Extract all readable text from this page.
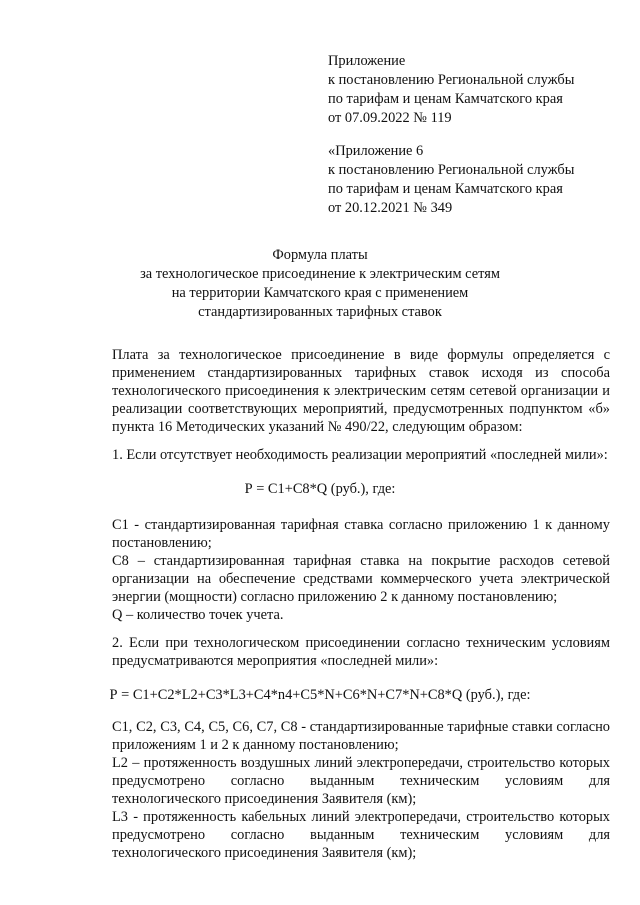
Приложение
к постановлению Региональной службы
по тарифам и ценам Камчатского края
от 07.09.2022 № 119
«Приложение 6
к постановлению Региональной службы
по тарифам и ценам Камчатского края
от 20.12.2021 № 349
Формула платы
за технологическое присоединение к электрическим сетям
на территории Камчатского края с применением
стандартизированных тарифных ставок

Плата за технологическое присоединение в виде формулы определяется с применением стандартизированных тарифных ставок исходя из способа технологического присоединения к электрическим сетям сетевой организации и реализации соответствующих мероприятий, предусмотренных подпунктом «б» пункта 16 Методических указаний № 490/22, следующим образом:

1. Если отсутствует необходимость реализации мероприятий «последней мили»:

Р = С1+С8*Q (руб.), где:

С1 - стандартизированная тарифная ставка согласно приложению 1 к данному постановлению;

С8 – стандартизированная тарифная ставка на покрытие расходов сетевой организации на обеспечение средствами коммерческого учета электрической энергии (мощности) согласно приложению 2 к данному постановлению;

Q – количество точек учета.

2. Если при технологическом присоединении согласно техническим условиям предусматриваются мероприятия «последней мили»:

Р = С1+С2*L2+С3*L3+С4*n4+С5*N+С6*N+С7*N+С8*Q (руб.), где:

С1, С2, С3, С4, С5, С6, С7, С8 - стандартизированные тарифные ставки согласно приложениям 1 и 2 к данному постановлению;

L2 – протяженность воздушных линий электропередачи, строительство которых предусмотрено согласно выданным техническим условиям для технологического присоединения Заявителя (км);

L3 - протяженность кабельных линий электропередачи, строительство которых предусмотрено согласно выданным техническим условиям для технологического присоединения Заявителя (км);
